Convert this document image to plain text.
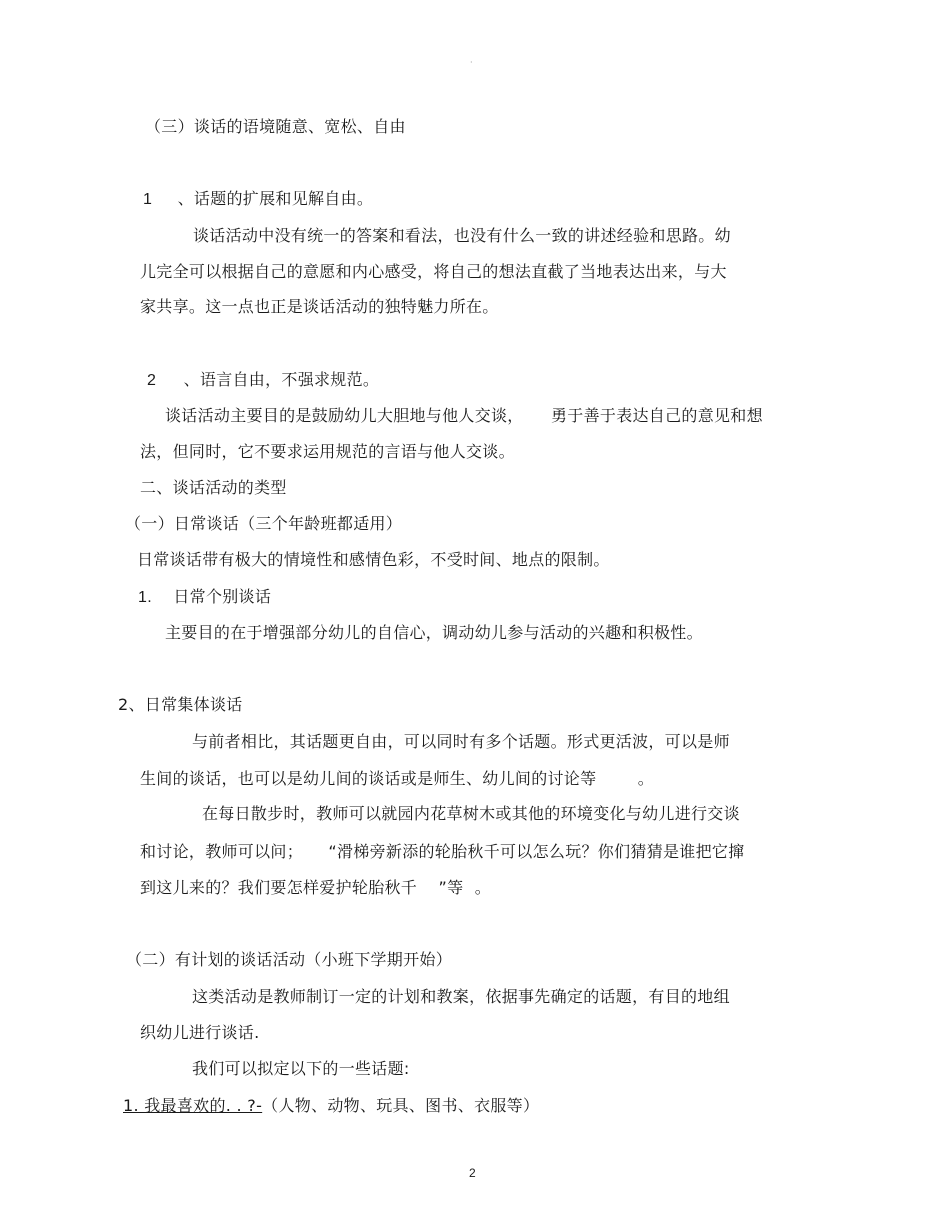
·
（三）谈话的语境随意、宽松、自由
1 、话题的扩展和见解自由。
谈话活动中没有统一的答案和看法，也没有什么一致的讲述经验和思路。幼
儿完全可以根据自己的意愿和内心感受，将自己的想法直截了当地表达出来，与大
家共享。这一点也正是谈话活动的独特魅力所在。
2 、语言自由，不强求规范。
谈话活动主要目的是鼓励幼儿大胆地与他人交谈， 勇于善于表达自己的意见和想
法，但同时，它不要求运用规范的言语与他人交谈。
二、谈话活动的类型
（一）日常谈话（三个年龄班都适用）
日常谈话带有极大的情境性和感情色彩，不受时间、地点的限制。
1. 日常个别谈话
主要目的在于增强部分幼儿的自信心，调动幼儿参与活动的兴趣和积极性。
2、日常集体谈话
与前者相比，其话题更自由，可以同时有多个话题。形式更活波，可以是师
生间的谈话，也可以是幼儿间的谈话或是师生、幼儿间的讨论等	。
在每日散步时，教师可以就园内花草树木或其他的环境变化与幼儿进行交谈
和讨论，教师可以问； “滑梯旁新添的轮胎秋千可以怎么玩？你们猜猜是谁把它撺
到这儿来的？我们要怎样爱护轮胎秋千 ”等 。
（二）有计划的谈话活动（小班下学期开始）
这类活动是教师制订一定的计划和教案，依据事先确定的话题，有目的地组
织幼儿进行谈话.
我们可以拟定以下的一些话题:
1. 我最喜欢的. . ?-（人物、动物、玩具、图书、衣服等）
2
